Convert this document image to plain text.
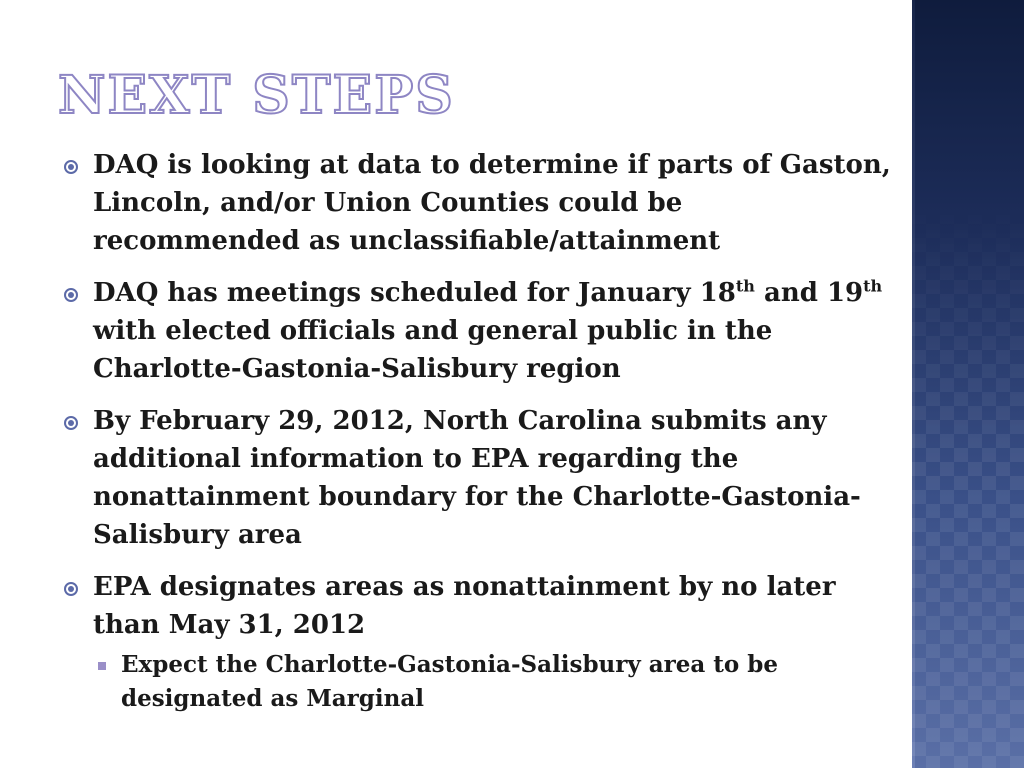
NEXT STEPS
DAQ is looking at data to determine if parts of Gaston, Lincoln, and/or Union Counties could be recommended as unclassifiable/attainment
DAQ has meetings scheduled for January 18th and 19th with elected officials and general public in the Charlotte-Gastonia-Salisbury region
By February 29, 2012, North Carolina submits any additional information to EPA regarding the nonattainment boundary for the Charlotte-Gastonia-Salisbury area
EPA designates areas as nonattainment by no later than May 31, 2012
Expect the Charlotte-Gastonia-Salisbury area to be designated as Marginal
